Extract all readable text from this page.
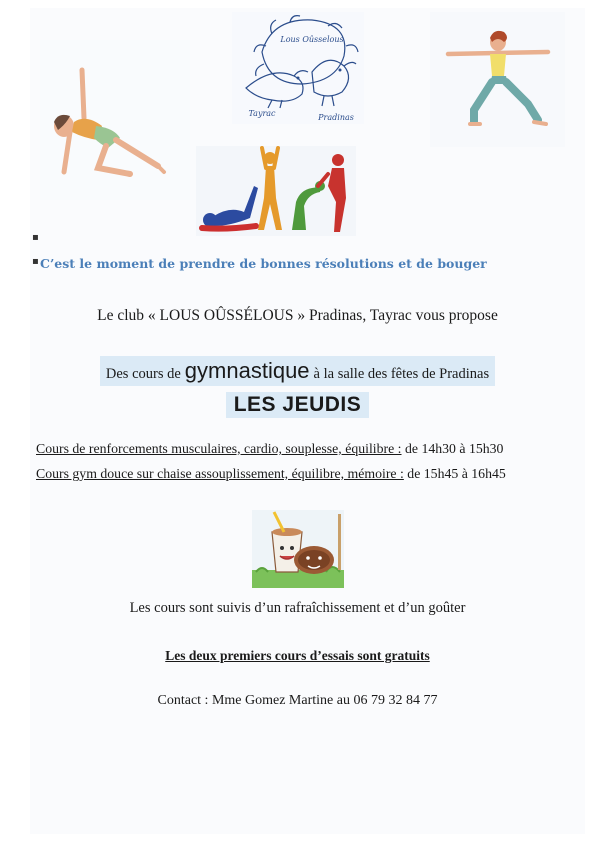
Lous Oûsselous
Tayrac	Pradinas
▪
▪ C’est le moment de prendre de bonnes résolutions et de bouger
Le club « LOUS OÛSSÉLOUS » Pradinas, Tayrac vous propose
Des cours de gymnastique à la salle des fêtes de Pradinas
LES JEUDIS
Cours de renforcements musculaires, cardio, souplesse, équilibre : de 14h30 à 15h30
Cours gym douce sur chaise assouplissement, équilibre, mémoire : de 15h45 à 16h45
Les cours sont suivis d’un rafraîchissement et d’un goûter
Les deux premiers cours d’essais sont gratuits
Contact : Mme Gomez Martine au 06 79 32 84 77
